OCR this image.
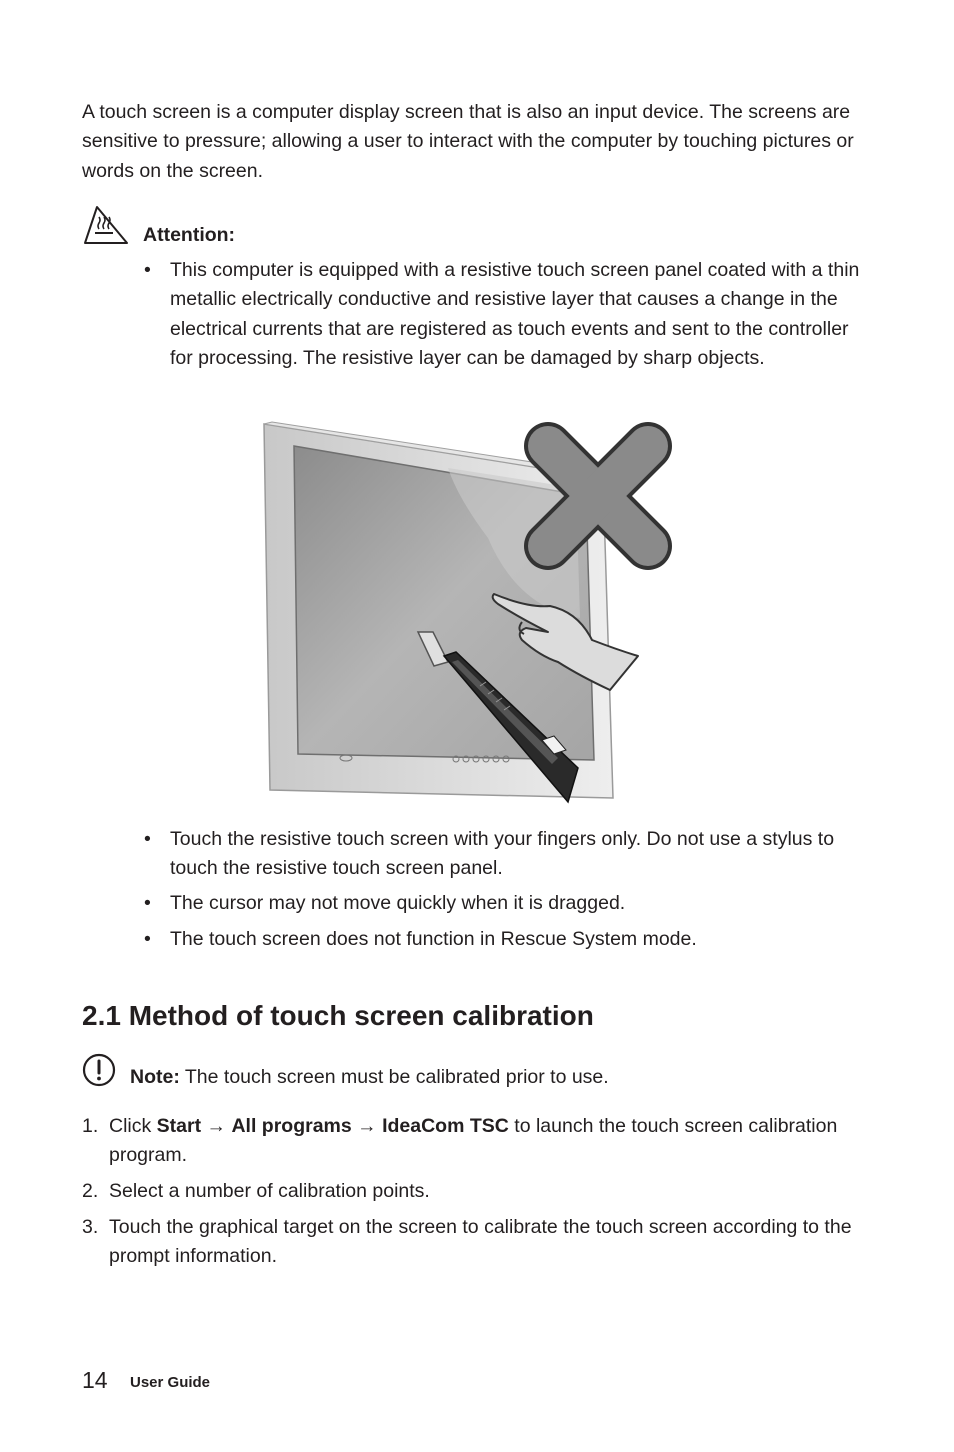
A touch screen is a computer display screen that is also an input device. The screens are sensitive to pressure; allowing a user to interact with the computer by touching pictures or words on the screen.
Attention:
• This computer is equipped with a resistive touch screen panel coated with a thin metallic electrically conductive and resistive layer that causes a change in the electrical currents that are registered as touch events and sent to the controller for processing. The resistive layer can be damaged by sharp objects.
• Touch the resistive touch screen with your fingers only. Do not use a stylus to touch the resistive touch screen panel.
• The cursor may not move quickly when it is dragged.
• The touch screen does not function in Rescue System mode.
2.1 Method of touch screen calibration
Note: The touch screen must be calibrated prior to use.
1. Click Start → All programs → IdeaCom TSC to launch the touch screen calibration program.
2. Select a number of calibration points.
3. Touch the graphical target on the screen to calibrate the touch screen according to the prompt information.
14 User Guide
